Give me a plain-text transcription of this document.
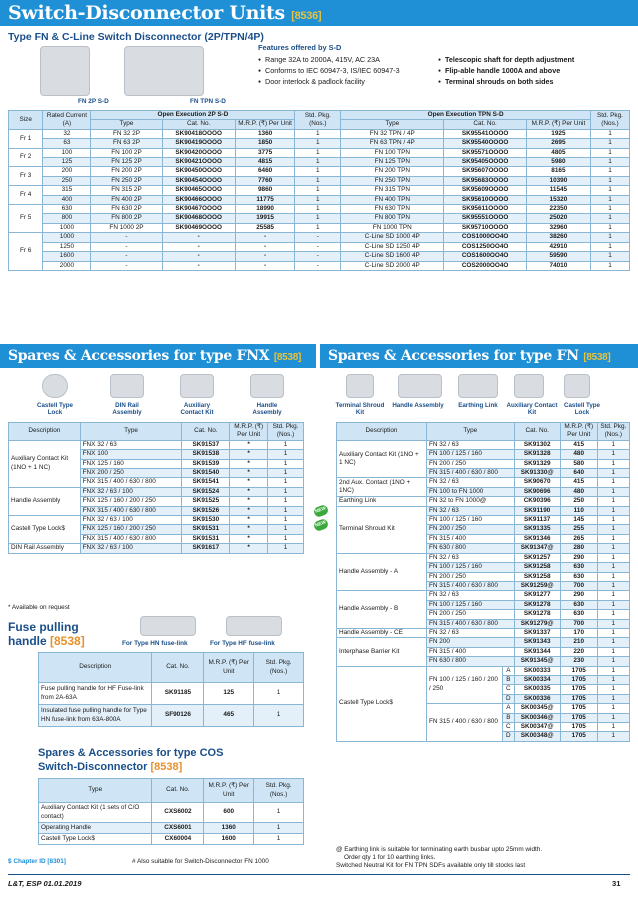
Switch-Disconnector Units [8536]
Type FN & C-Line Switch Disconnector (2P/TPN/4P)
FN 2P S-D	FN TPN S-D
Features offered by S-D
● Range 32A to 2000A, 415V, AC 23A
● Conforms to IEC 60947-3, IS/IEC 60947-3
● Door interlock & padlock facility
● Telescopic shaft for depth adjustment
● Flip-able handle 1000A and above
● Terminal shrouds on both sides
Size	Rated Current (A)	Open Execution 2P S-D			Std. Pkg. (Nos.)	Open Execution TPN S-D			Std. Pkg. (Nos.)
		Type	Cat. No.	M.R.P. (₹) Per Unit		Type	Cat. No.	M.R.P. (₹) Per Unit	
Fr 1	32	FN 32 2P	SK90418OOOO	1360	1	FN 32 TPN / 4P	SK95541OOOO	1925	1
	63	FN 63 2P	SK90419OOOO	1850	1	FN 63 TPN / 4P	SK95540OOOO	2695	1
Fr 2	100	FN 100 2P	SK90420OOOO	3775	1	FN 100 TPN	SK95571OOOO	4805	1
	125	FN 125 2P	SK90421OOOO	4815	1	FN 125 TPN	SK95405OOOO	5980	1
Fr 3	200	FN 200 2P	SK90450OOOO	6460	1	FN 200 TPN	SK95607OOOO	8165	1
	250	FN 250 2P	SK90454OOOO	7760	1	FN 250 TPN	SK95683OOOO	10390	1
Fr 4	315	FN 315 2P	SK90465OOOO	9860	1	FN 315 TPN	SK95609OOOO	11545	1
	400	FN 400 2P	SK90466OOOO	11775	1	FN 400 TPN	SK95610OOOO	15320	1
Fr 5	630	FN 630 2P	SK90467OOOO	18990	1	FN 630 TPN	SK95611OOOO	22350	1
	800	FN 800 2P	SK90468OOOO	19915	1	FN 800 TPN	SK95551OOOO	25020	1
	1000	FN 1000 2P	SK90469OOOO	25585	1	FN 1000 TPN	SK95710OOOO	32960	1
Fr 6	1000	-	-	-	-	C-Line SD 1000 4P	COS1000OO4O	38260	1
	1250	-	-	-	-	C-Line SD 1250 4P	COS1250OO4O	42910	1
	1600	-	-	-	-	C-Line SD 1600 4P	COS1600OO4O	59590	1
	2000	-	-	-	-	C-Line SD 2000 4P	COS2000OO4O	74010	1
Spares & Accessories for type FNX [8538]	Spares & Accessories for type FN [8538]
Castell Type Lock
DIN Rail Assembly
Auxiliary Contact Kit
Handle Assembly
Description	Type	Cat. No.	M.R.P. (₹) Per Unit	Std. Pkg. (Nos.)
Auxiliary Contact Kit (1NO + 1 NC)	FNX 32 / 63	SK91537	*	1
	FNX 100	SK91538	*	1
	FNX 125 / 160	SK91539	*	1
	FNX 200 / 250	SK91540	*	1
	FNX 315 / 400 / 630 / 800	SK91541	*	1
Handle Assembly	FNX 32 / 63 / 100	SK91524	*	1
	FNX 125 / 160 / 200 / 250	SK91525	*	1
	FNX 315 / 400 / 630 / 800	SK91526	*	1
Castell Type Lock$	FNX 32 / 63 / 100	SK91530	*	1
	FNX 125 / 160 / 200 / 250	SK91531	*	1
	FNX 315 / 400 / 630 / 800	SK91531	*	1
DIN Rail Assembly	FNX 32 / 63 / 100	SK91617	*	1
* Available on request
Fuse pulling
handle [8538]	For Type HN fuse-link	For Type HF fuse-link
Description	Cat. No.	M.R.P. (₹) Per Unit	Std. Pkg. (Nos.)
Fuse pulling handle for HF Fuse-link from 2A-63A	SK91185	125	1
Insulated fuse pulling handle for Type HN fuse-link from 63A-800A	SF90126	465	1
Spares & Accessories for type COS
Switch-Disconnector [8538]
Type	Cat. No.	M.R.P. (₹) Per Unit	Std. Pkg. (Nos.)
Auxiliary Contact Kit (1 sets of C/O contact)	CXS6002	600	1
Operating Handle	CXS6001	1360	1
Castell Type Lock$	CX60004	1600	1
Terminal Shroud Kit
Handle Assembly	Earthing Link	Auxiliary Contact Kit
Castell Type Lock
NEW
NEW
Description	Type		Cat. No.	M.R.P. (₹) Per Unit	Std. Pkg. (Nos.)
Auxiliary Contact Kit (1NO + 1 NC)	FN 32 / 63		SK91302	415	1
	FN 100 / 125 / 160		SK91328	480	1
	FN 200 / 250		SK91329	580	1
	FN 315 / 400 / 630 / 800		SK91330@	640	1
2nd Aux. Contact (1NO + 1NC)	FN 32 / 63		SK90670	415	1
	FN 100 to FN 1000		SK90696	480	1
Earthing Link	FN 32 to FN 1000@		CK90396	250	1
Terminal Shroud Kit	FN 32 / 63		SK91190	110	1
	FN 100 / 125 / 160		SK91137	145	1
	FN 200 / 250		SK91335	255	1
	FN 315 / 400		SK91346	265	1
	FN 630 / 800		SK91347@	280	1
Handle Assembly - A	FN 32 / 63		SK91257	290	1
	FN 100 / 125 / 160		SK91258	630	1
	FN 200 / 250		SK91258	630	1
	FN 315 / 400 / 630 / 800		SK91259@	700	1
Handle Assembly - B	FN 32 / 63		SK91277	290	1
	FN 100 / 125 / 160		SK91278	630	1
	FN 200 / 250		SK91278	630	1
	FN 315 / 400 / 630 / 800		SK91279@	700	1
Handle Assembly - CE	FN 32 / 63		SK91337	170	1
Interphase Barrier Kit	FN 200		SK91343	210	1
	FN 315 / 400		SK91344	220	1
	FN 630 / 800		SK91345@	230	1
Castell Type Lock$	FN 100 / 125 / 160 / 200 / 250	A	SK00333	1705	1
		B	SK00334	1705	1
		C	SK00335	1705	1
		D	SK00336	1705	1
	FN 315 / 400 / 630 / 800	A	SK00345@	1705	1
		B	SK00346@	1705	1
		C	SK00347@	1705	1
		D	SK00348@	1705	1
@ Earthing link is suitable for terminating earth busbar upto 25mm width.
Order qty 1 for 10 earthing links.
Switched Neutral Kit for FN TPN SDFs available only till stocks last
$ Chapter ID [8301]	# Also suitable for Switch-Disconnector FN 1000
L&T, ESP 01.01.2019	31
